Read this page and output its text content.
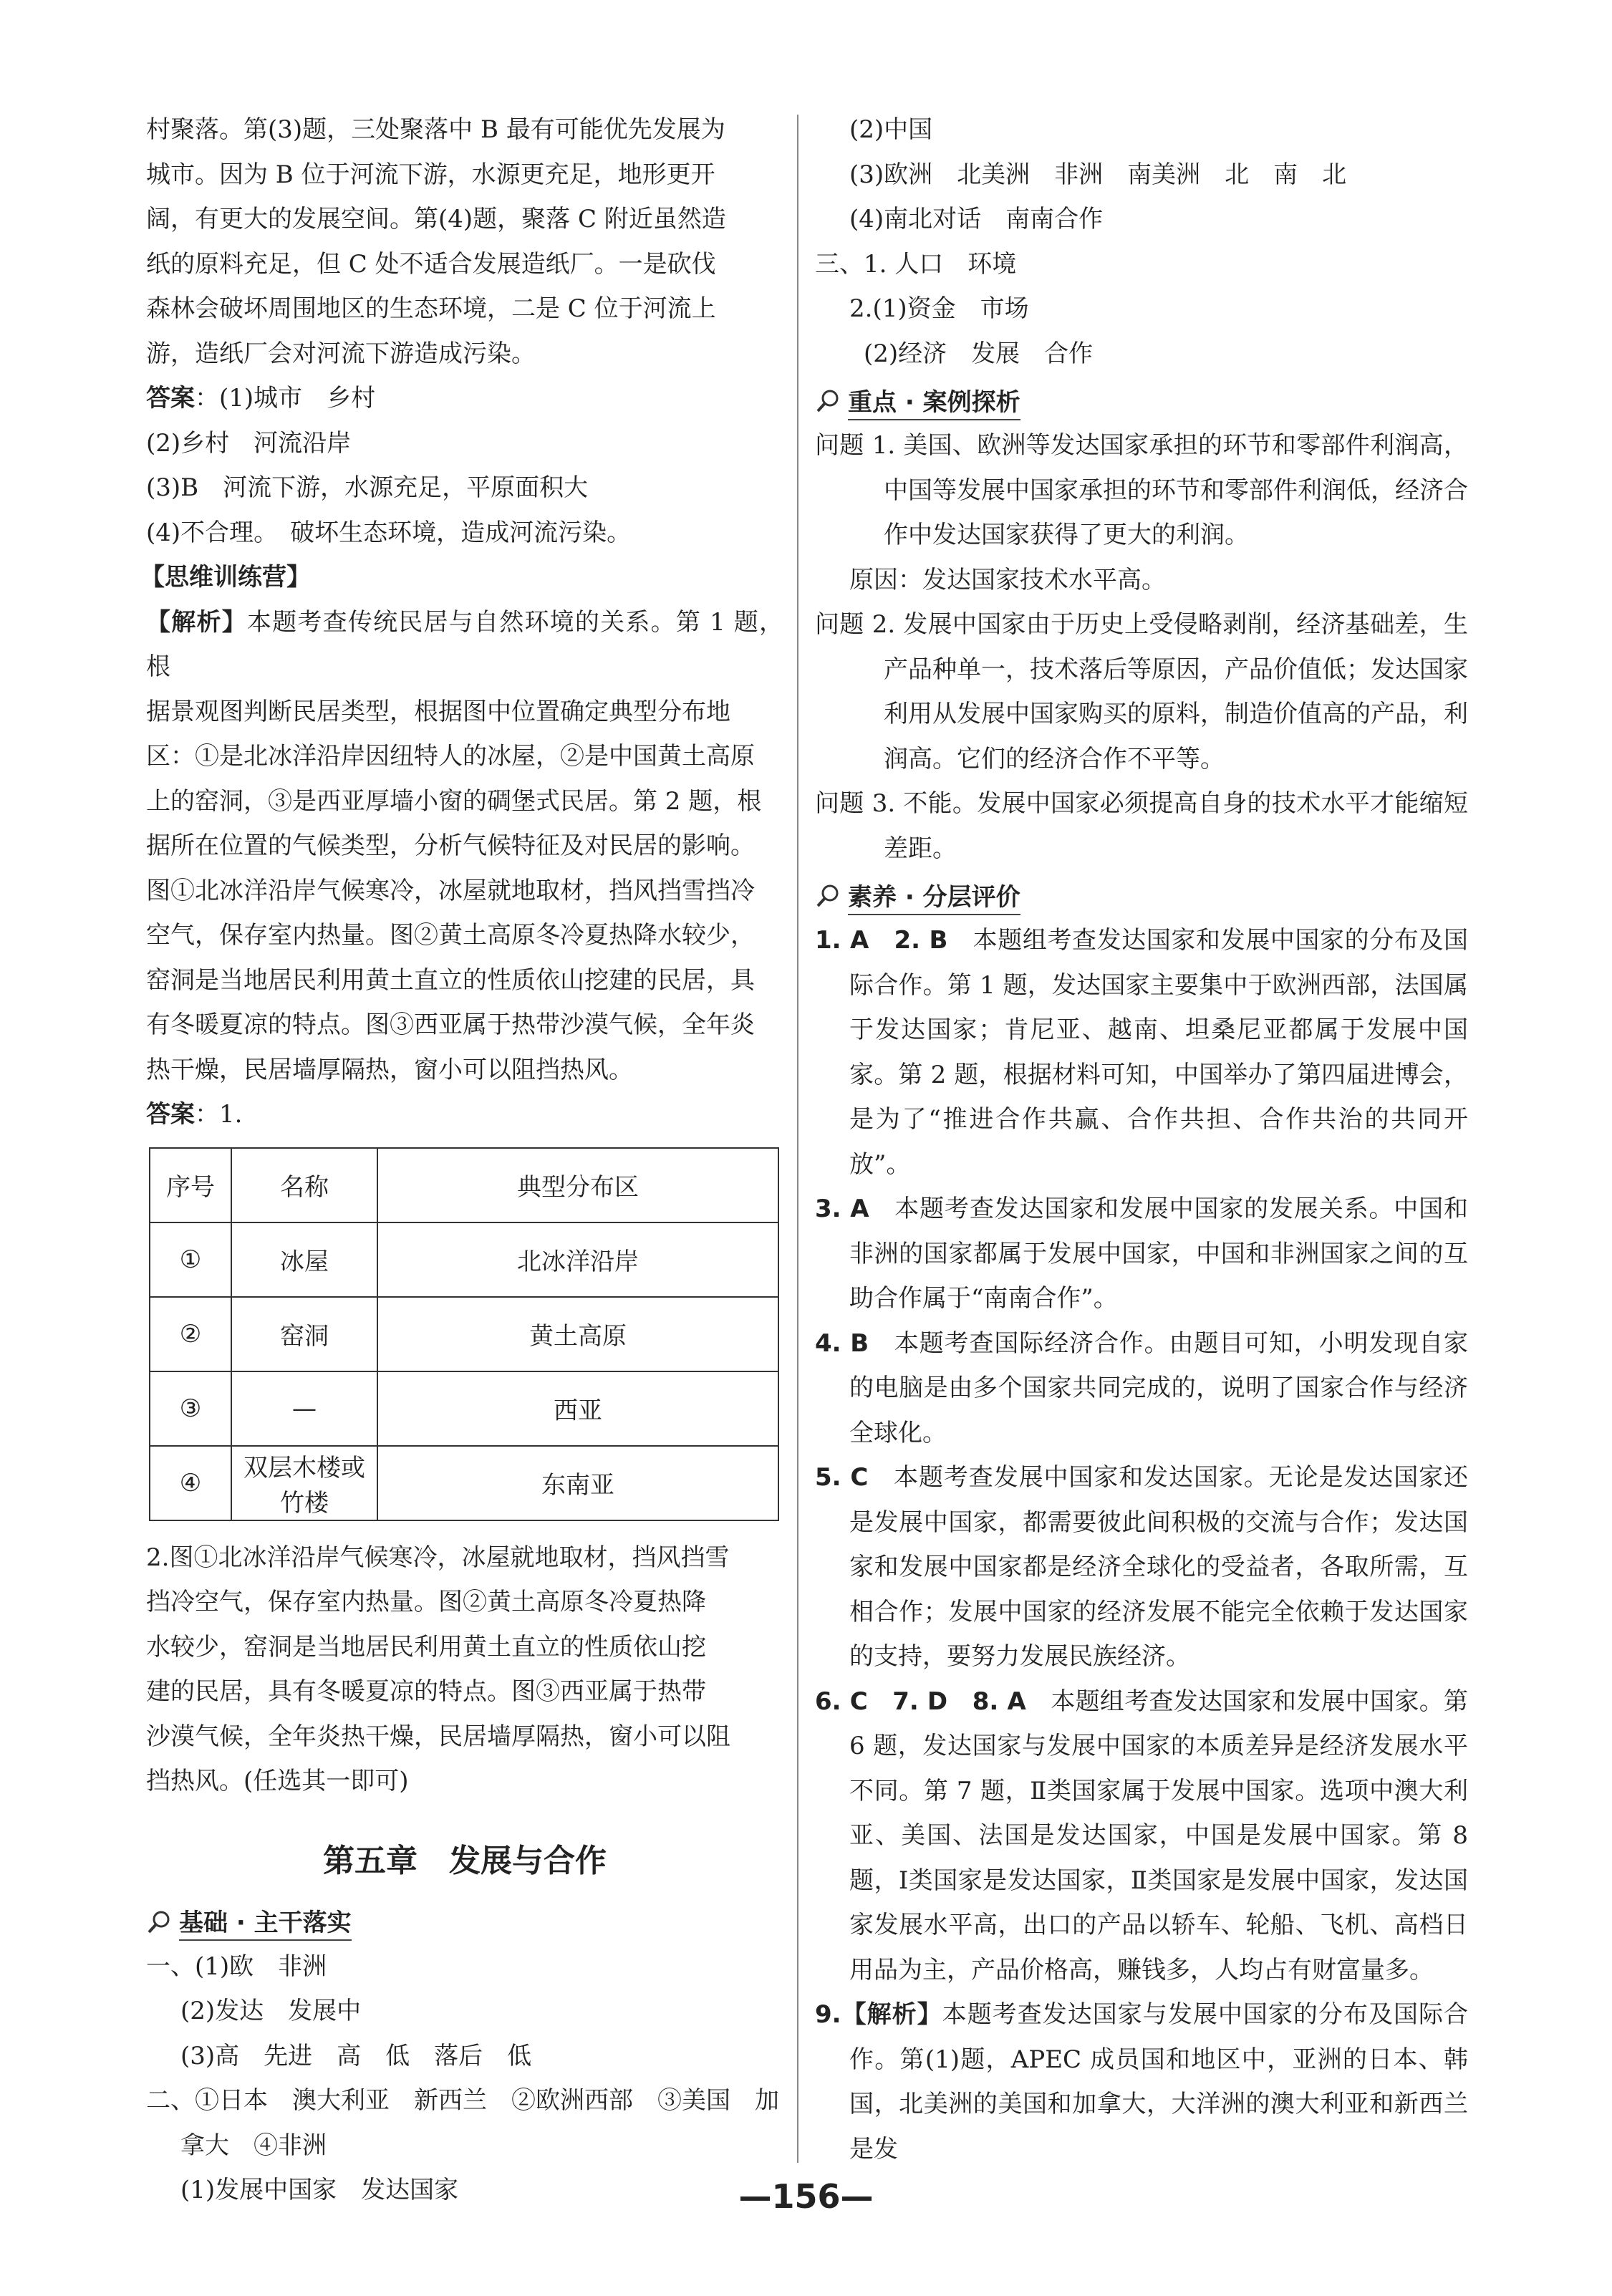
村聚落。第(3)题，三处聚落中 B 最有可能优先发展为

城市。因为 B 位于河流下游，水源更充足，地形更开

阔，有更大的发展空间。第(4)题，聚落 C 附近虽然造

纸的原料充足，但 C 处不适合发展造纸厂。一是砍伐

森林会破坏周围地区的生态环境，二是 C 位于河流上

游，造纸厂会对河流下游造成污染。

答案：(1)城市　乡村

(2)乡村　河流沿岸

(3)B　河流下游，水源充足，平原面积大

(4)不合理。　破坏生态环境，造成河流污染。

【思维训练营】

【解析】本题考查传统民居与自然环境的关系。第 1 题，根

据景观图判断民居类型，根据图中位置确定典型分布地

区：①是北冰洋沿岸因纽特人的冰屋，②是中国黄土高原

上的窑洞，③是西亚厚墙小窗的碉堡式民居。第 2 题，根

据所在位置的气候类型，分析气候特征及对民居的影响。

图①北冰洋沿岸气候寒冷，冰屋就地取材，挡风挡雪挡冷

空气，保存室内热量。图②黄土高原冬冷夏热降水较少，

窑洞是当地居民利用黄土直立的性质依山挖建的民居，具

有冬暖夏凉的特点。图③西亚属于热带沙漠气候，全年炎

热干燥，民居墙厚隔热，窗小可以阻挡热风。

答案：1.

序号	名称	典型分布区
①	冰屋	北冰洋沿岸
②	窑洞	黄土高原
③	—	西亚
④	双层木楼或竹楼	东南亚

2.图①北冰洋沿岸气候寒冷，冰屋就地取材，挡风挡雪

挡冷空气，保存室内热量。图②黄土高原冬冷夏热降

水较少，窑洞是当地居民利用黄土直立的性质依山挖

建的民居，具有冬暖夏凉的特点。图③西亚属于热带

沙漠气候，全年炎热干燥，民居墙厚隔热，窗小可以阻

挡热风。(任选其一即可)

第五章　发展与合作
基础 · 主干落实

一、(1)欧　非洲

(2)发达　发展中

(3)高　先进　高　低　落后　低

二、①日本　澳大利亚　新西兰　②欧洲西部　③美国　加

拿大　④非洲

(1)发展中国家　发达国家

(2)中国

(3)欧洲　北美洲　非洲　南美洲　北　南　北

(4)南北对话　南南合作

三、1. 人口　环境

2.(1)资金　市场

(2)经济　发展　合作

重点 · 案例探析

问题 1. 美国、欧洲等发达国家承担的环节和零部件利润高，中国等发展中国家承担的环节和零部件利润低，经济合作中发达国家获得了更大的利润。

原因：发达国家技术水平高。

问题 2. 发展中国家由于历史上受侵略剥削，经济基础差，生产品种单一，技术落后等原因，产品价值低；发达国家利用从发展中国家购买的原料，制造价值高的产品，利润高。它们的经济合作不平等。

问题 3. 不能。发展中国家必须提高自身的技术水平才能缩短差距。

素养 · 分层评价

1. A　2. B　本题组考查发达国家和发展中国家的分布及国际合作。第 1 题，发达国家主要集中于欧洲西部，法国属于发达国家；肯尼亚、越南、坦桑尼亚都属于发展中国家。第 2 题，根据材料可知，中国举办了第四届进博会，是为了“推进合作共赢、合作共担、合作共治的共同开放”。

3. A　本题考查发达国家和发展中国家的发展关系。中国和非洲的国家都属于发展中国家，中国和非洲国家之间的互助合作属于“南南合作”。

4. B　本题考查国际经济合作。由题目可知，小明发现自家的电脑是由多个国家共同完成的，说明了国家合作与经济全球化。

5. C　本题考查发展中国家和发达国家。无论是发达国家还是发展中国家，都需要彼此间积极的交流与合作；发达国家和发展中国家都是经济全球化的受益者，各取所需，互相合作；发展中国家的经济发展不能完全依赖于发达国家的支持，要努力发展民族经济。

6. C　7. D　8. A　本题组考查发达国家和发展中国家。第 6 题，发达国家与发展中国家的本质差异是经济发展水平不同。第 7 题，Ⅱ类国家属于发展中国家。选项中澳大利亚、美国、法国是发达国家，中国是发展中国家。第 8 题，Ⅰ类国家是发达国家，Ⅱ类国家是发展中国家，发达国家发展水平高，出口的产品以轿车、轮船、飞机、高档日用品为主，产品价格高，赚钱多，人均占有财富量多。

9.【解析】本题考查发达国家与发展中国家的分布及国际合作。第(1)题，APEC 成员国和地区中，亚洲的日本、韩国，北美洲的美国和加拿大，大洋洲的澳大利亚和新西兰是发

—156—
